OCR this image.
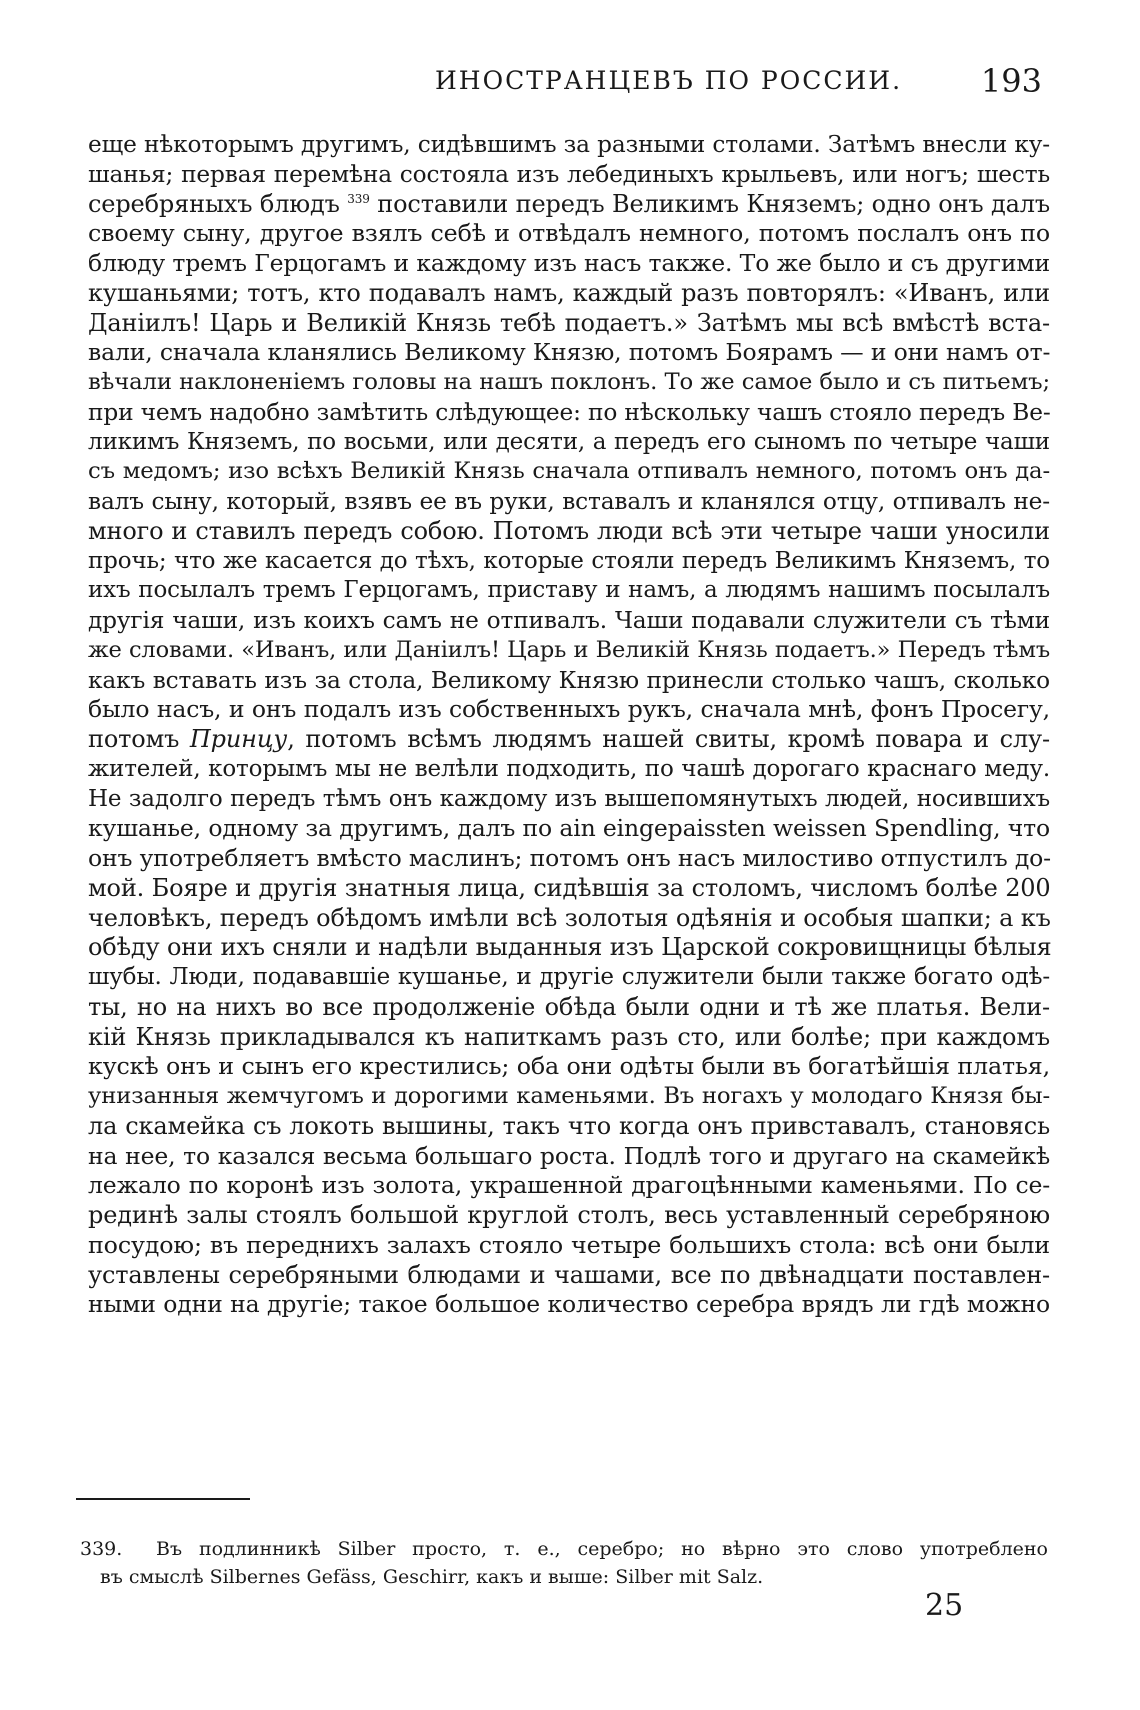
ИНОСТРАНЦЕВЪ ПО РОССИИ. 193
еще нѣкоторымъ другимъ, сидѣвшимъ за разными столами. Затѣмъ внесли ку-
шанья; первая перемѣна состояла изъ лебединыхъ крыльевъ, или ногъ; шесть
серебряныхъ блюдъ $^{339}$ поставили передъ Великимъ Княземъ; одно онъ далъ
своему сыну, другое взялъ себѣ и отвѣдалъ немного, потомъ послалъ онъ по
блюду тремъ Герцогамъ и каждому изъ насъ также. То же было и съ другими
кушаньями; тотъ, кто подавалъ намъ, каждый разъ повторялъ: «Иванъ, или
Даніилъ! Царь и Великій Князь тебѣ подаетъ.» Затѣмъ мы всѣ вмѣстѣ вста-
вали, сначала кланялись Великому Князю, потомъ Боярамъ — и они намъ от-
вѣчали наклоненіемъ головы на нашъ поклонъ. То же самое было и съ питьемъ;
при чемъ надобно замѣтить слѣдующее: по нѣскольку чашъ стояло передъ Ве-
ликимъ Княземъ, по восьми, или десяти, а передъ его сыномъ по четыре чаши
съ медомъ; изо всѣхъ Великій Князь сначала отпивалъ немного, потомъ онъ да-
валъ сыну, который, взявъ ее въ руки, вставалъ и кланялся отцу, отпивалъ не-
много и ставилъ передъ собою. Потомъ люди всѣ эти четыре чаши уносили
прочь; что же касается до тѣхъ, которые стояли передъ Великимъ Княземъ, то
ихъ посылалъ тремъ Герцогамъ, приставу и намъ, а людямъ нашимъ посылалъ
другія чаши, изъ коихъ самъ не отпивалъ. Чаши подавали служители съ тѣми
же словами. «Иванъ, или Даніилъ! Царь и Великій Князь подаетъ.» Передъ тѣмъ
какъ вставать изъ за стола, Великому Князю принесли столько чашъ, сколько
было насъ, и онъ подалъ изъ собственныхъ рукъ, сначала мнѣ, фонъ Просегу,
потомъ Принцу, потомъ всѣмъ людямъ нашей свиты, кромѣ повара и слу-
жителей, которымъ мы не велѣли подходить, по чашѣ дорогаго краснаго меду.
Не задолго передъ тѣмъ онъ каждому изъ вышепомянутыхъ людей, носившихъ
кушанье, одному за другимъ, далъ по ain eingepaissten weissen Spendling, что
онъ употребляетъ вмѣсто маслинъ; потомъ онъ насъ милостиво отпустилъ до-
мой. Бояре и другія знатныя лица, сидѣвшія за столомъ, числомъ болѣе 200
человѣкъ, передъ обѣдомъ имѣли всѣ золотыя одѣянія и особыя шапки; а къ
обѣду они ихъ сняли и надѣли выданныя изъ Царской сокровищницы бѣлыя
шубы. Люди, подававшіе кушанье, и другіе служители были также богато одѣ-
ты, но на нихъ во все продолженіе обѣда были одни и тѣ же платья. Вели-
кій Князь прикладывался къ напиткамъ разъ сто, или болѣе; при каждомъ
кускѣ онъ и сынъ его крестились; оба они одѣты были въ богатѣйшія платья,
унизанныя жемчугомъ и дорогими каменьями. Въ ногахъ у молодаго Князя бы-
ла скамейка съ локоть вышины, такъ что когда онъ привставалъ, становясь
на нее, то казался весьма большаго роста. Подлѣ того и другаго на скамейкѣ
лежало по коронѣ изъ золота, украшенной драгоцѣнными каменьями. По се-
рединѣ залы стоялъ большой круглой столъ, весь уставленный серебряною
посудою; въ переднихъ залахъ стояло четыре большихъ стола: всѣ они были
уставлены серебряными блюдами и чашами, все по двѣнадцати поставлен-
ными одни на другіе; такое большое количество серебра врядъ ли гдѣ можно
339. Въ подлинникѣ Silber просто, т. е., серебро; но вѣрно это слово употреблено
въ смыслѣ Silbernes Gefäss, Geschirr, какъ и выше: Silber mit Salz.
25
